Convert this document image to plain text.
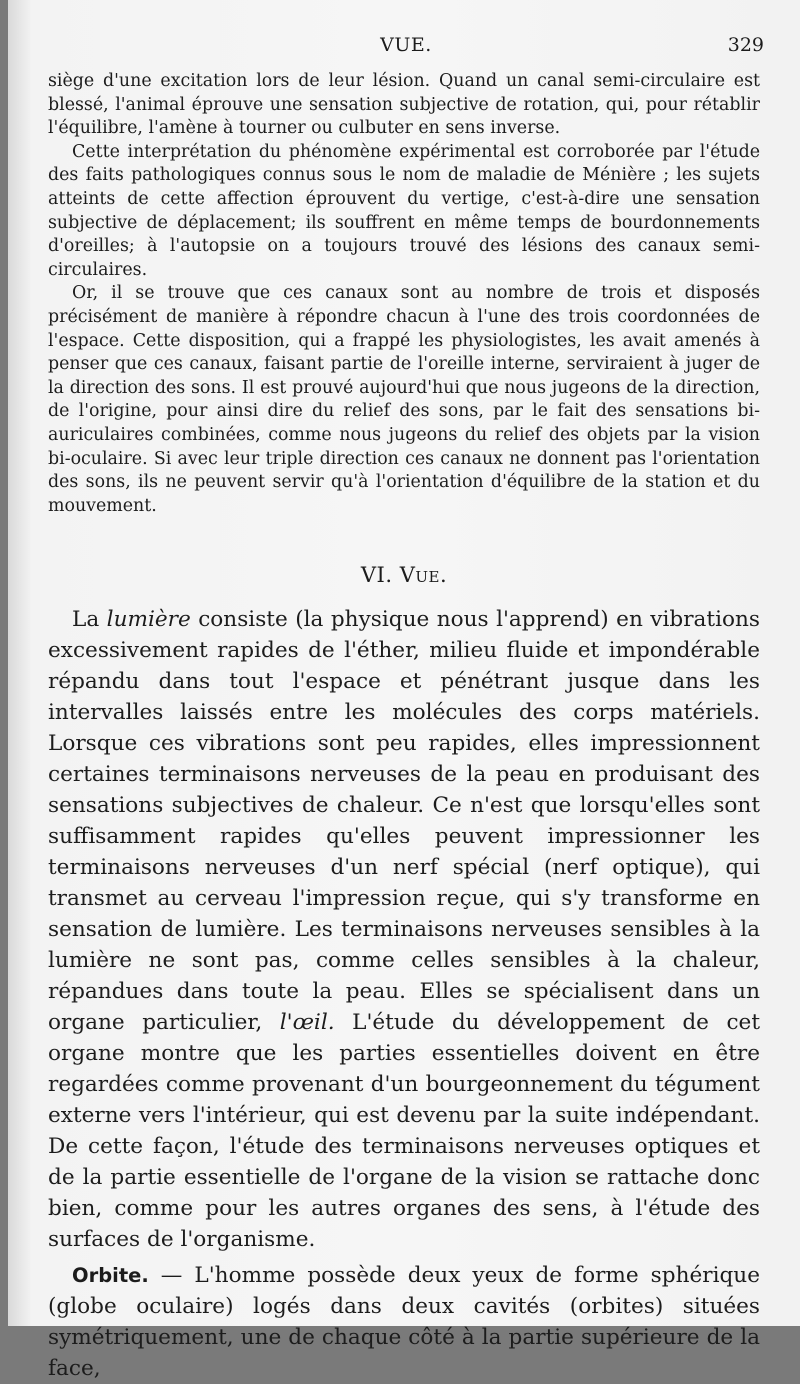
VUE.	329

siège d'une excitation lors de leur lésion. Quand un canal semi-circulaire est blessé, l'animal éprouve une sensation subjective de rotation, qui, pour rétablir l'équilibre, l'amène à tourner ou culbuter en sens inverse.

Cette interprétation du phénomène expérimental est corroborée par l'étude des faits pathologiques connus sous le nom de maladie de Ménière ; les sujets atteints de cette affection éprouvent du vertige, c'est-à-dire une sensation subjective de déplacement; ils souffrent en même temps de bourdonnements d'oreilles; à l'autopsie on a toujours trouvé des lésions des canaux semi-circulaires.

Or, il se trouve que ces canaux sont au nombre de trois et disposés précisément de manière à répondre chacun à l'une des trois coordonnées de l'espace. Cette disposition, qui a frappé les physiologistes, les avait amenés à penser que ces canaux, faisant partie de l'oreille interne, serviraient à juger de la direction des sons. Il est prouvé aujourd'hui que nous jugeons de la direction, de l'origine, pour ainsi dire du relief des sons, par le fait des sensations bi-auriculaires combinées, comme nous jugeons du relief des objets par la vision bi-oculaire. Si avec leur triple direction ces canaux ne donnent pas l'orientation des sons, ils ne peuvent servir qu'à l'orientation d'équilibre de la station et du mouvement.

VI. Vue.

La lumière consiste (la physique nous l'apprend) en vibrations excessivement rapides de l'éther, milieu fluide et impondérable répandu dans tout l'espace et pénétrant jusque dans les intervalles laissés entre les molécules des corps matériels. Lorsque ces vibrations sont peu rapides, elles impressionnent certaines terminaisons nerveuses de la peau en produisant des sensations subjectives de chaleur. Ce n'est que lorsqu'elles sont suffisamment rapides qu'elles peuvent impressionner les terminaisons nerveuses d'un nerf spécial (nerf optique), qui transmet au cerveau l'impression reçue, qui s'y transforme en sensation de lumière. Les terminaisons nerveuses sensibles à la lumière ne sont pas, comme celles sensibles à la chaleur, répandues dans toute la peau. Elles se spécialisent dans un organe particulier, l'œil. L'étude du développement de cet organe montre que les parties essentielles doivent en être regardées comme provenant d'un bourgeonnement du tégument externe vers l'intérieur, qui est devenu par la suite indépendant. De cette façon, l'étude des terminaisons nerveuses optiques et de la partie essentielle de l'organe de la vision se rattache donc bien, comme pour les autres organes des sens, à l'étude des surfaces de l'organisme.

Orbite. — L'homme possède deux yeux de forme sphérique (globe oculaire) logés dans deux cavités (orbites) situées symétriquement, une de chaque côté à la partie supérieure de la face,
